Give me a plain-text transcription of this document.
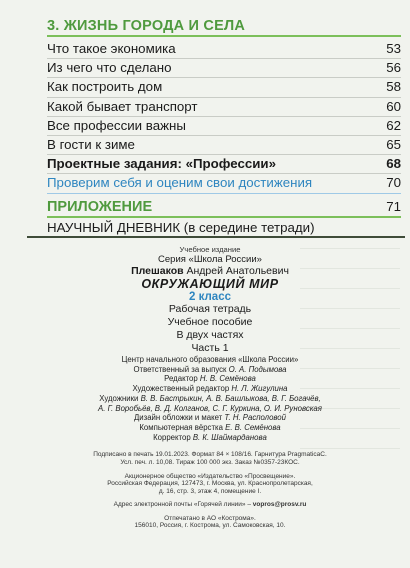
3. ЖИЗНЬ ГОРОДА И СЕЛА
Что такое экономика	53
Из чего что сделано	56
Как построить дом	58
Какой бывает транспорт	60
Все профессии важны	62
В гости к зиме	65
Проектные задания: «Профессии»	68
Проверим себя и оценим свои достижения	70
ПРИЛОЖЕНИЕ	71
НАУЧНЫЙ ДНЕВНИК (в середине тетради)
Учебное издание
Серия «Школа России»
Плешаков Андрей Анатольевич
ОКРУЖАЮЩИЙ МИР
2 класс
Рабочая тетрадь
Учебное пособие
В двух частях
Часть 1
Центр начального образования «Школа России»
Ответственный за выпуск О. А. Подымова
Редактор Н. В. Семёнова
Художественный редактор Н. Л. Жигулина
Художники В. В. Бастрыкин, А. В. Башлыкова, В. Г. Богачёв,
А. Г. Воробьёв, В. Д. Колганов, С. Г. Куркина, О. И. Руновская
Дизайн обложки и макет Т. Н. Располовой
Компьютерная вёрстка Е. В. Семёнова
Корректор В. К. Шаймардановa
Подписано в печать 19.01.2023. Формат 84 × 108/16. Гарнитура PragmaticaC.
Усл. печ. л. 10,08. Тираж 100 000 экз. Заказ №0357-23КОС.
Акционерное общество «Издательство «Просвещение».
Российская Федерация, 127473, г. Москва, ул. Краснопролетарская,
д. 16, стр. 3, этаж 4, помещение I.
Адрес электронной почты «Горячей линии» – vopros@prosv.ru
Отпечатано в АО «Кострома».
156010, Россия, г. Кострома, ул. Самоковская, 10.
